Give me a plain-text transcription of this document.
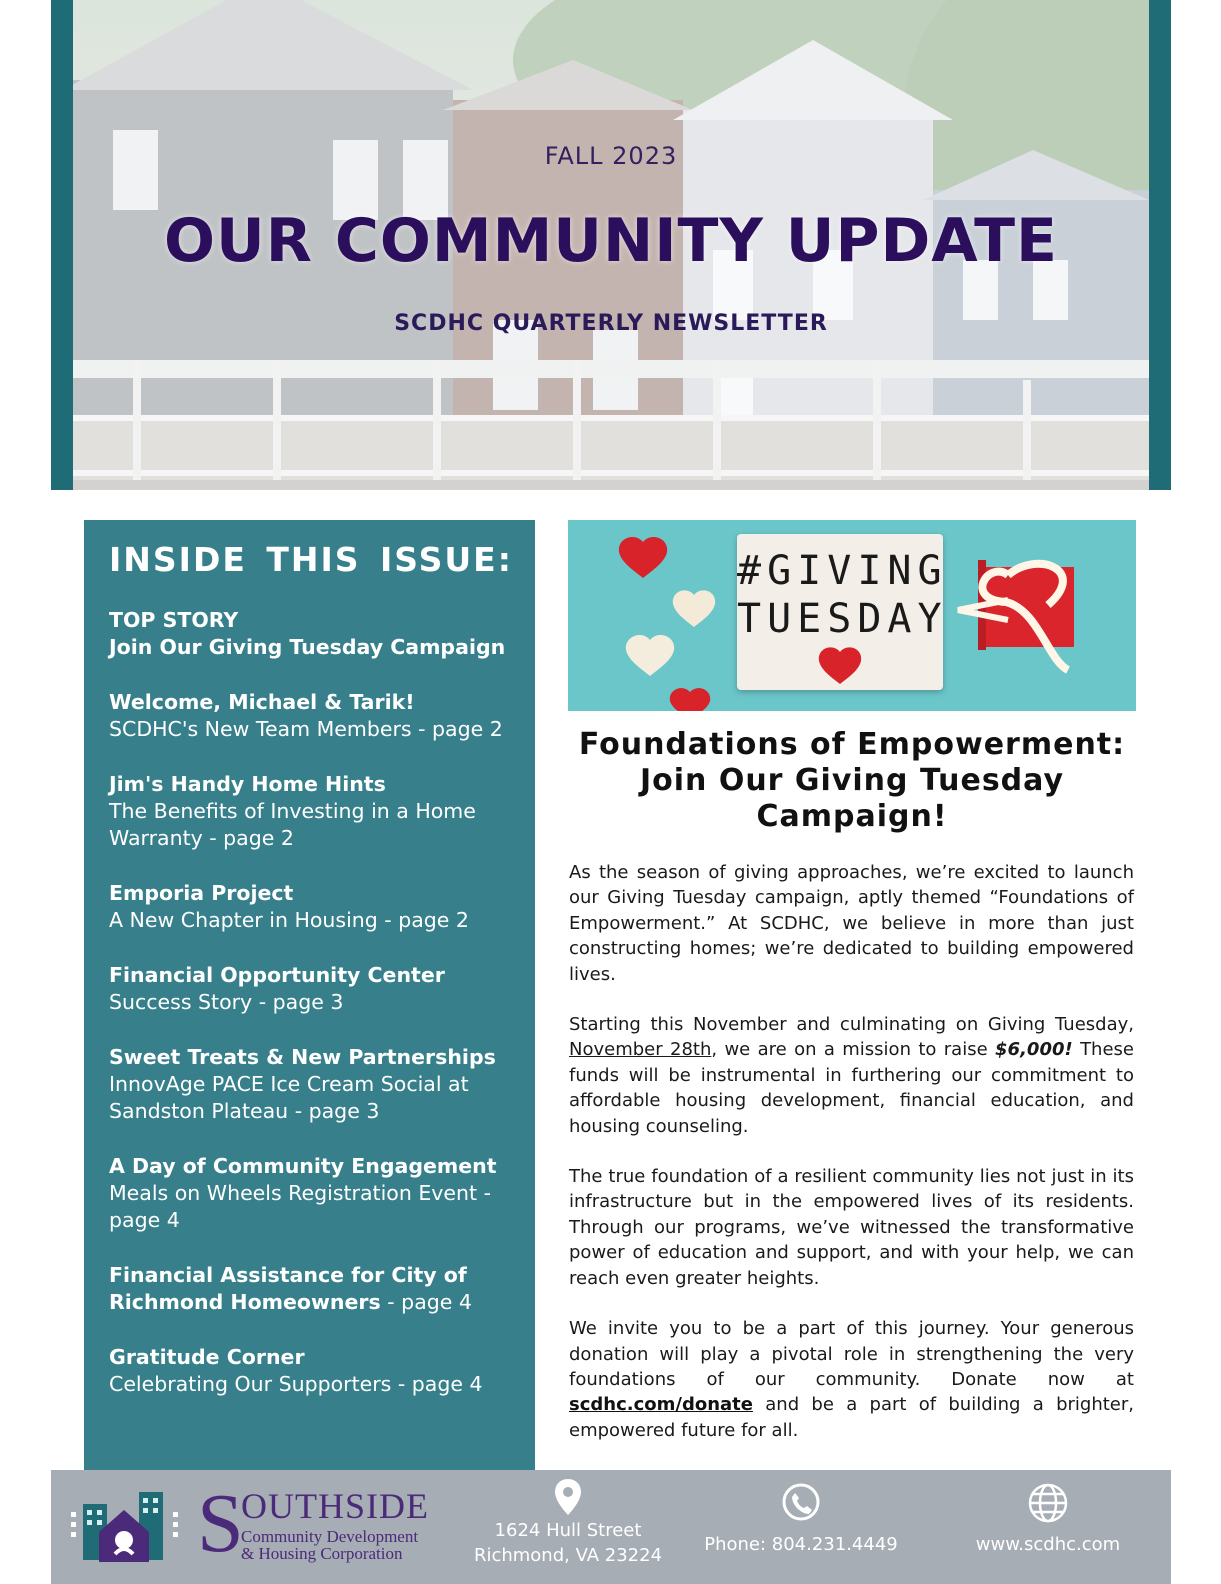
FALL 2023
OUR COMMUNITY UPDATE
SCDHC QUARTERLY NEWSLETTER
INSIDE THIS ISSUE:
TOP STORY
Join Our Giving Tuesday Campaign
Welcome, Michael & Tarik!
SCDHC's New Team Members - page 2
Jim's Handy Home Hints
The Benefits of Investing in a Home Warranty - page 2
Emporia Project
A New Chapter in Housing - page 2
Financial Opportunity Center
Success Story - page 3
Sweet Treats & New Partnerships
InnovAge PACE Ice Cream Social at Sandston Plateau - page 3
A Day of Community Engagement
Meals on Wheels Registration Event - page 4
Financial Assistance for City of Richmond Homeowners - page 4
Gratitude Corner
Celebrating Our Supporters - page 4
#GIVING
TUESDAY
Foundations of Empowerment: Join Our Giving Tuesday Campaign!

As the season of giving approaches, we’re excited to launch our Giving Tuesday campaign, aptly themed “Foundations of Empowerment.” At SCDHC, we believe in more than just constructing homes; we’re dedicated to building empowered lives.

Starting this November and culminating on Giving Tuesday, November 28th, we are on a mission to raise $6,000! These funds will be instrumental in furthering our commitment to affordable housing development, financial education, and housing counseling.

The true foundation of a resilient community lies not just in its infrastructure but in the empowered lives of its residents. Through our programs, we’ve witnessed the transformative power of education and support, and with your help, we can reach even greater heights.

We invite you to be a part of this journey. Your generous donation will play a pivotal role in strengthening the very foundations of our community. Donate now at scdhc.com/donate and be a part of building a brighter, empowered future for all.

S
OUTHSIDE
Community Development
& Housing Corporation
1624 Hull Street
Richmond, VA 23224
Phone: 804.231.4449	www.scdhc.com
